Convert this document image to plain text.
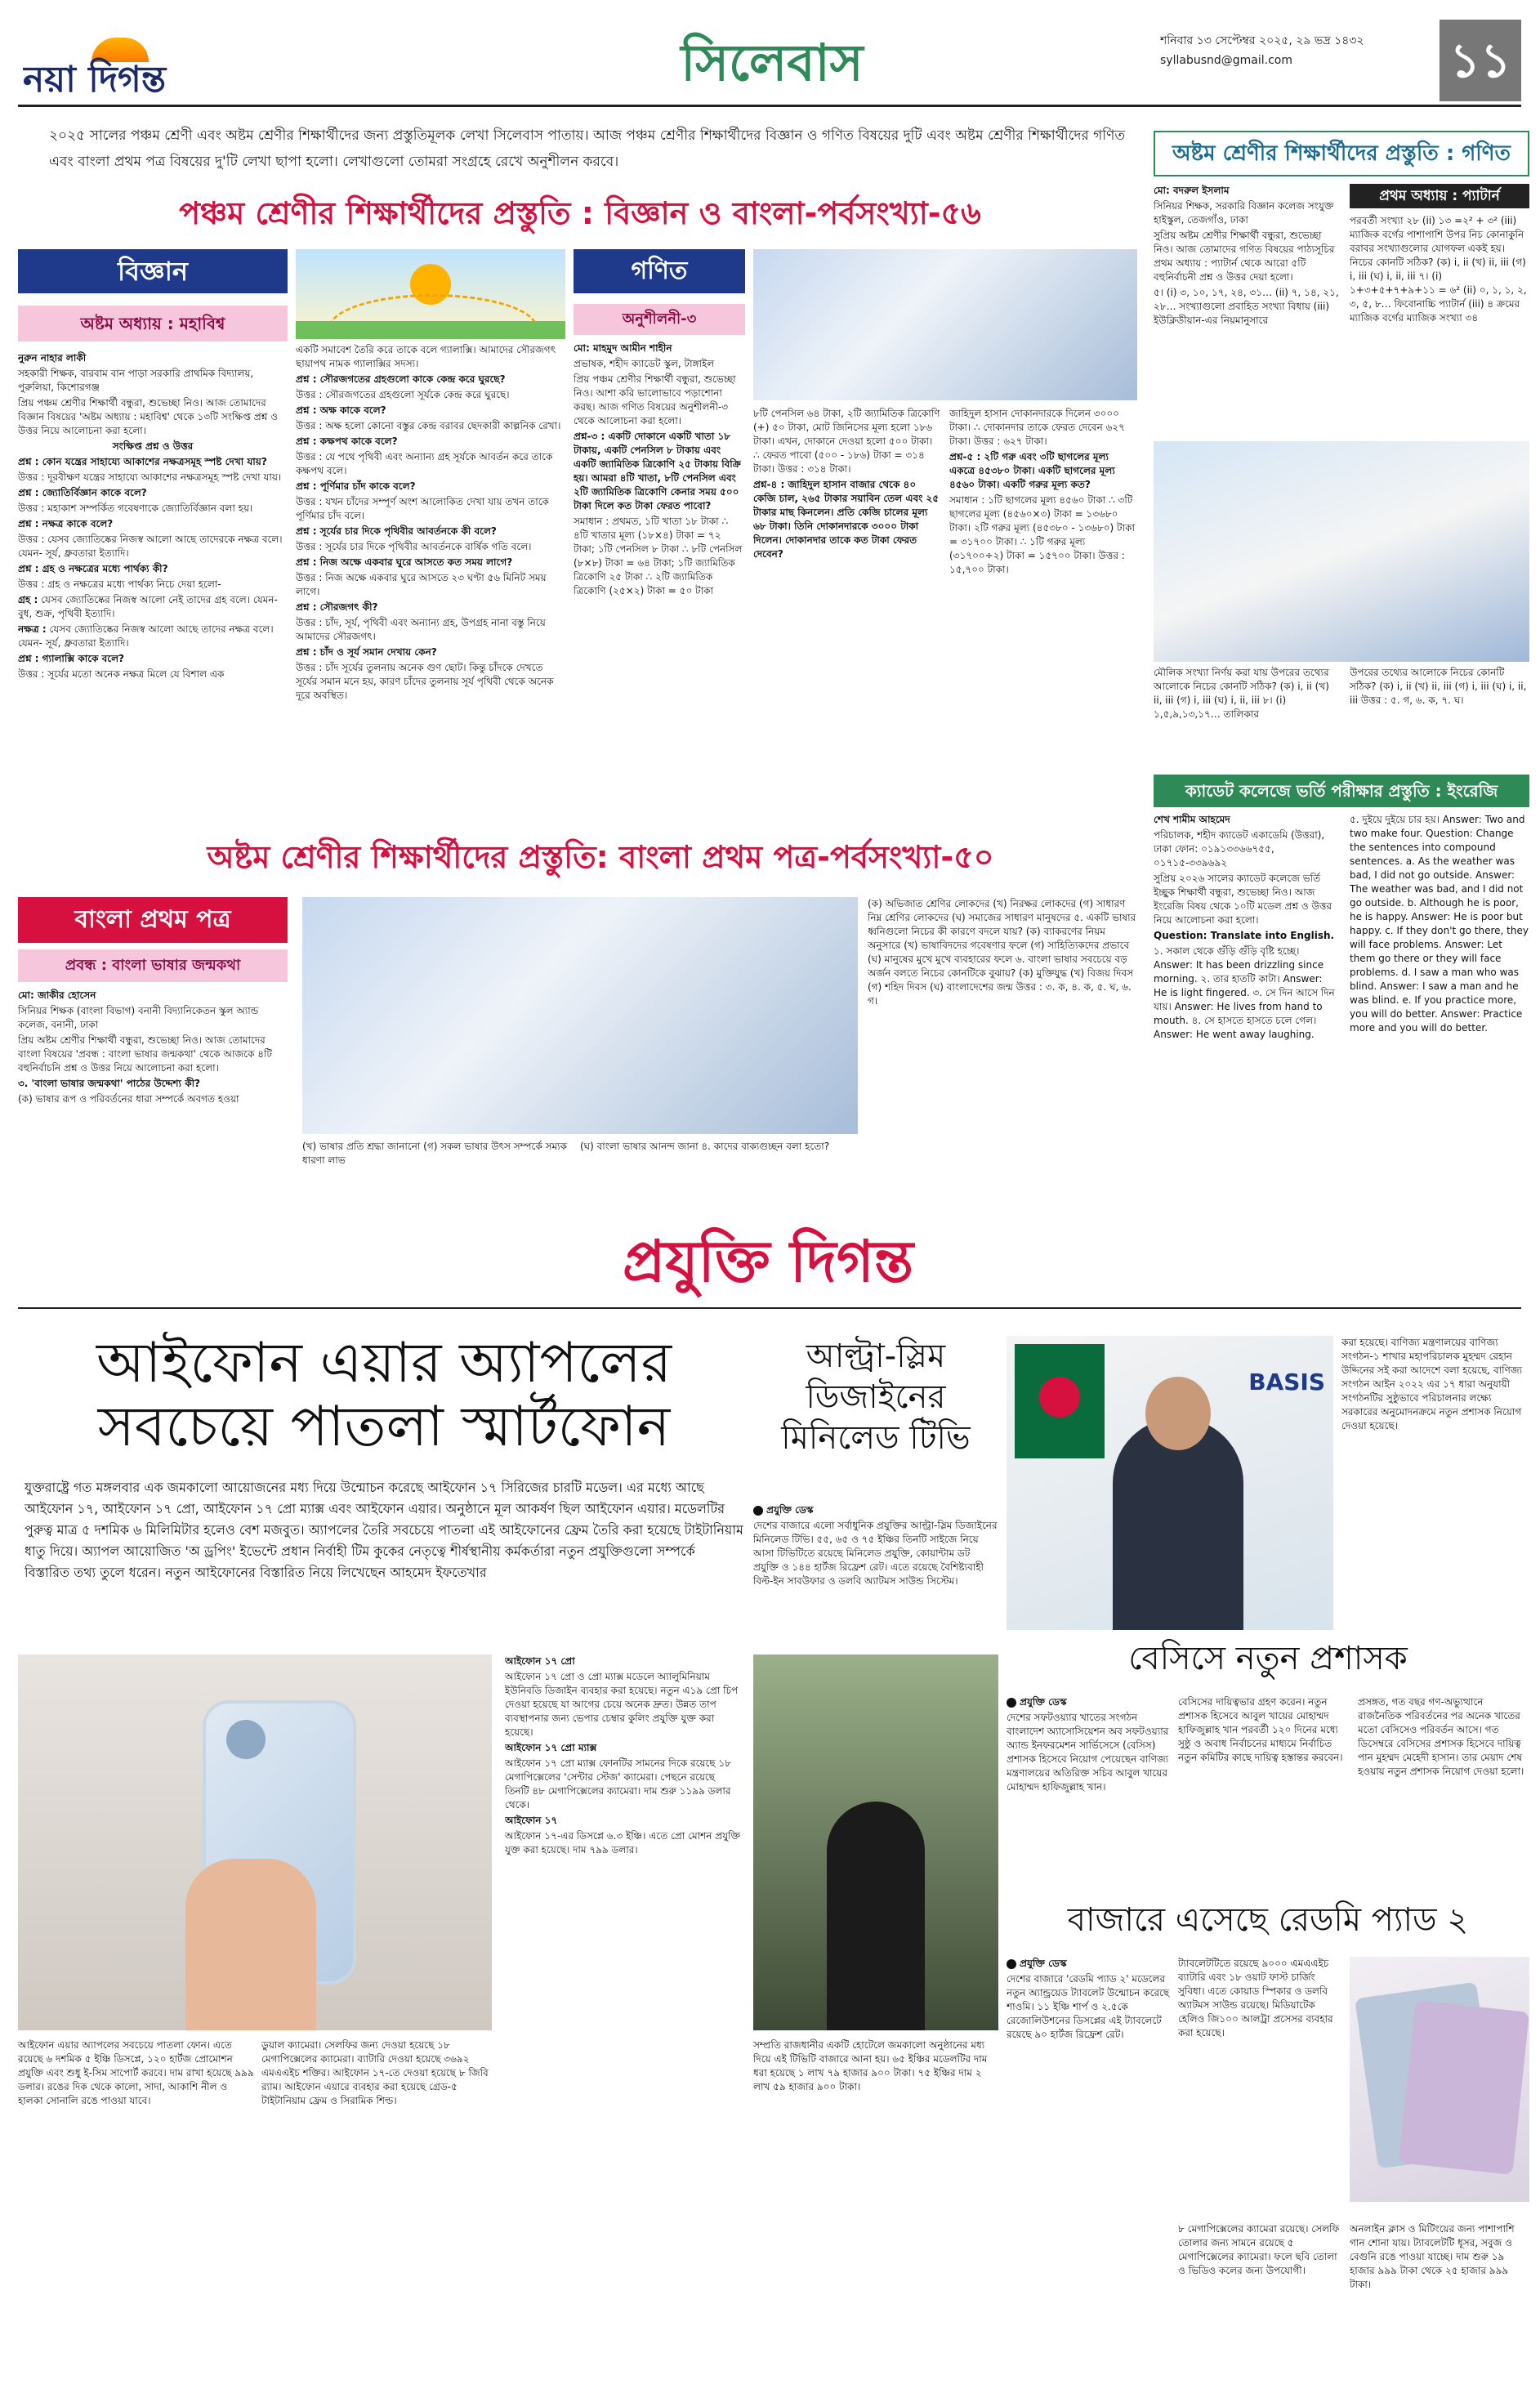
নয়া দিগন্ত	সিলেবাস	শনিবার ১৩ সেপ্টেম্বর ২০২৫, ২৯ ভদ্র ১৪৩২
syllabusnd@gmail.com	১১
২০২৫ সালের পঞ্চম শ্রেণী এবং অষ্টম শ্রেণীর শিক্ষার্থীদের জন্য প্রস্তুতিমূলক লেখা সিলেবাস পাতায়। আজ পঞ্চম শ্রেণীর শিক্ষার্থীদের বিজ্ঞান ও গণিত বিষয়ের দুটি এবং অষ্টম শ্রেণীর শিক্ষার্থীদের গণিত এবং বাংলা প্রথম পত্র বিষয়ের দু'টি লেখা ছাপা হলো। লেখাগুলো তোমরা সংগ্রহে রেখে অনুশীলন করবে।	অষ্টম শ্রেণীর শিক্ষার্থীদের প্রস্তুতি : গণিত
পঞ্চম শ্রেণীর শিক্ষার্থীদের প্রস্তুতি : বিজ্ঞান ও বাংলা-পর্বসংখ্যা-৫৬
বিজ্ঞান
অষ্টম অধ্যায় : মহাবিশ্ব

নুরুন নাহার লাকী

সহকারী শিক্ষক, বারবাম বান পাড়া সরকারি প্রাথমিক বিদ্যালয়, পুরুলিয়া, কিশোরগঞ্জ

প্রিয় পঞ্চম শ্রেণীর শিক্ষার্থী বন্ধুরা, শুভেচ্ছা নিও। আজ তোমাদের বিজ্ঞান বিষয়ের 'অষ্টম অধ্যায় : মহাবিশ্ব' থেকে ১৩টি সংক্ষিপ্ত প্রশ্ন ও উত্তর নিয়ে আলোচনা করা হলো।

সংক্ষিপ্ত প্রশ্ন ও উত্তর

প্রশ্ন : কোন যন্ত্রের সাহায্যে আকাশের নক্ষত্রসমূহ স্পষ্ট দেখা যায়?

উত্তর : দূরবীক্ষণ যন্ত্রের সাহায্যে আকাশের নক্ষত্রসমূহ স্পষ্ট দেখা যায়।

প্রশ্ন : জ্যোতির্বিজ্ঞান কাকে বলে?

উত্তর : মহাকাশ সম্পর্কিত গবেষণাকে জ্যোতির্বিজ্ঞান বলা হয়।

প্রশ্ন : নক্ষত্র কাকে বলে?

উত্তর : যেসব জ্যোতিষ্কের নিজস্ব আলো আছে তাদেরকে নক্ষত্র বলে। যেমন- সূর্য, ধ্রুবতারা ইত্যাদি।

প্রশ্ন : গ্রহ ও নক্ষত্রের মধ্যে পার্থক্য কী?

উত্তর : গ্রহ ও নক্ষত্রের মধ্যে পার্থক্য নিচে দেয়া হলো-

গ্রহ : যেসব জ্যোতিষ্কের নিজস্ব আলো নেই তাদের গ্রহ বলে। যেমন- বুধ, শুক্র, পৃথিবী ইত্যাদি।

নক্ষত্র : যেসব জ্যোতিষ্কের নিজস্ব আলো আছে তাদের নক্ষত্র বলে। যেমন- সূর্য, ধ্রুবতারা ইত্যাদি।

প্রশ্ন : গ্যালাক্সি কাকে বলে?

উত্তর : সূর্যের মতো অনেক নক্ষত্র মিলে যে বিশাল এক

একটি সমাবেশ তৈরি করে তাকে বলে গ্যালাক্সি। আমাদের সৌরজগৎ ছায়াপথ নামক গ্যালাক্সির সদস্য।

প্রশ্ন : সৌরজগতের গ্রহগুলো কাকে কেন্দ্র করে ঘুরছে?

উত্তর : সৌরজগতের গ্রহগুলো সূর্যকে কেন্দ্র করে ঘুরছে।

প্রশ্ন : অক্ষ কাকে বলে?

উত্তর : অক্ষ হলো কোনো বস্তুর কেন্দ্র বরাবর ছেদকারী কাল্পনিক রেখা।

প্রশ্ন : কক্ষপথ কাকে বলে?

উত্তর : যে পথে পৃথিবী এবং অন্যান্য গ্রহ সূর্যকে আবর্তন করে তাকে কক্ষপথ বলে।

প্রশ্ন : পূর্ণিমার চাঁদ কাকে বলে?

উত্তর : যখন চাঁদের সম্পূর্ণ অংশ আলোকিত দেখা যায় তখন তাকে পূর্ণিমার চাঁদ বলে।

প্রশ্ন : সূর্যের চার দিকে পৃথিবীর আবর্তনকে কী বলে?

উত্তর : সূর্যের চার দিকে পৃথিবীর আবর্তনকে বার্ষিক গতি বলে।

প্রশ্ন : নিজ অক্ষে একবার ঘুরে আসতে কত সময় লাগে?

উত্তর : নিজ অক্ষে একবার ঘুরে আসতে ২৩ ঘণ্টা ৫৬ মিনিট সময় লাগে।

প্রশ্ন : সৌরজগৎ কী?

উত্তর : চাঁদ, সূর্য, পৃথিবী এবং অন্যান্য গ্রহ, উপগ্রহ নানা বস্তু নিয়ে আমাদের সৌরজগৎ।

প্রশ্ন : চাঁদ ও সূর্য সমান দেখায় কেন?

উত্তর : চাঁদ সূর্যের তুলনায় অনেক গুণ ছোট। কিন্তু চাঁদকে দেখতে সূর্যের সমান মনে হয়, কারণ চাঁদের তুলনায় সূর্য পৃথিবী থেকে অনেক দূরে অবস্থিত।

গণিত
অনুশীলনী-৩

মো: মাহমুদ আমীন শাহীন

প্রভাষক, শহীদ ক্যাডেট স্কুল, টাঙ্গাইল

প্রিয় পঞ্চম শ্রেণীর শিক্ষার্থী বন্ধুরা, শুভেচ্ছা নিও। আশা করি ভালোভাবে পড়াশোনা করছ। আজ গণিত বিষয়ের অনুশীলনী-৩ থেকে আলোচনা করা হলো।

প্রশ্ন-৩ : একটি দোকানে একটি খাতা ১৮ টাকায়, একটি পেনসিল ৮ টাকায় এবং একটি জ্যামিতিক ত্রিকোণি ২৫ টাকায় বিক্রি হয়। আমরা ৪টি খাতা, ৮টি পেনসিল এবং ২টি জ্যামিতিক ত্রিকোণি কেনার সময় ৫০০ টাকা দিলে কত টাকা ফেরত পাবো?

সমাধান : প্রথমত, ১টি খাতা ১৮ টাকা ∴ ৪টি খাতার মূল্য (১৮×৪) টাকা = ৭২ টাকা; ১টি পেনসিল ৮ টাকা ∴ ৮টি পেনসিল (৮×৮) টাকা = ৬৪ টাকা; ১টি জ্যামিতিক ত্রিকোণি ২৫ টাকা ∴ ২টি জ্যামিতিক ত্রিকোণি (২৫×২) টাকা = ৫০ টাকা

৮টি পেনসিল ৬৪ টাকা, ২টি জ্যামিতিক ত্রিকোণি (+) ৫০ টাকা, মোট জিনিসের মূল্য হলো ১৮৬ টাকা। এখন, দোকানে দেওয়া হলো ৫০০ টাকা। ∴ ফেরত পাবো (৫০০ - ১৮৬) টাকা = ৩১৪ টাকা। উত্তর : ৩১৪ টাকা।

প্রশ্ন-৪ : জাহিদুল হাসান বাজার থেকে ৪০ কেজি চাল, ২৬৫ টাকার সয়াবিন তেল এবং ২৫ টাকার মাছ কিনলেন। প্রতি কেজি চালের মূল্য ৬৮ টাকা। তিনি দোকানদারকে ৩০০০ টাকা দিলেন। দোকানদার তাকে কত টাকা ফেরত দেবেন?

জাহিদুল হাসান দোকানদারকে দিলেন ৩০০০ টাকা। ∴ দোকানদার তাকে ফেরত দেবেন ৬২৭ টাকা। উত্তর : ৬২৭ টাকা।

প্রশ্ন-৫ : ২টি গরু এবং ৩টি ছাগলের মূল্য একত্রে ৪৫৩৮০ টাকা। একটি ছাগলের মূল্য ৪৫৬০ টাকা। একটি গরুর মূল্য কত?

সমাধান : ১টি ছাগলের মূল্য ৪৫৬০ টাকা ∴ ৩টি ছাগলের মূল্য (৪৫৬০×৩) টাকা = ১৩৬৮০ টাকা। ২টি গরুর মূল্য (৪৫৩৮০ - ১৩৬৮০) টাকা = ৩১৭০০ টাকা। ∴ ১টি গরুর মূল্য (৩১৭০০÷২) টাকা = ১৫৭০০ টাকা। উত্তর : ১৫,৭০০ টাকা।

মো: বদরুল ইসলাম

সিনিয়র শিক্ষক, সরকারি বিজ্ঞান কলেজ সংযুক্ত হাইস্কুল, তেজগাঁও, ঢাকা

সুপ্রিয় অষ্টম শ্রেণীর শিক্ষার্থী বন্ধুরা, শুভেচ্ছা নিও। আজ তোমাদের গণিত বিষয়ের পাঠ্যসূচির প্রথম অধ্যায় : প্যাটার্ন থেকে আরো ৫টি বহুনির্বাচনী প্রশ্ন ও উত্তর দেয়া হলো।

৫। (i) ৩, ১০, ১৭, ২৪, ৩১… (ii) ৭, ১৪, ২১, ২৮… সংখ্যাগুলো প্রবাহিত সংখ্যা বিধায় (iii) ইউক্লিডীয়ান-এর নিয়মানুসারে

প্রথম অধ্যায় : প্যাটার্ন
পরবর্তী সংখ্যা ২৮ (ii) ১৩ =২² + ৩² (iii) ম্যাজিক বর্গের পাশাপাশি উপর নিচ কোনাকুনি বরাবর সংখ্যাগুলোর যোগফল একই হয়। নিচের কোনটি সঠিক? (ক) i, ii (খ) ii, iii (গ) i, iii (ঘ) i, ii, iii ৭। (i) ১+৩+৫+৭+৯+১১ = ৬² (ii) ০, ১, ১, ২, ৩, ৫, ৮… ফিবোনাচ্চি প্যাটার্ন (iii) ৪ ক্রমের ম্যাজিক বর্গের ম্যাজিক সংখ্যা ৩৪
মৌলিক সংখ্যা নির্ণয় করা যায় উপরের তথ্যের আলোকে নিচের কোনটি সঠিক? (ক) i, ii (খ) ii, iii (গ) i, iii (ঘ) i, ii, iii ৮। (i) ১,৫,৯,১৩,১৭… তালিকার
উপরের তথ্যের আলোকে নিচের কোনটি সঠিক? (ক) i, ii (খ) ii, iii (গ) i, iii (ঘ) i, ii, iii উত্তর : ৫. গ, ৬. ক, ৭. ঘ।
ক্যাডেট কলেজে ভর্তি পরীক্ষার প্রস্তুতি : ইংরেজি

শেখ শামীম আহমেদ

পরিচালক, শহীদ ক্যাডেট একাডেমি (উত্তরা), ঢাকা ফোন: ০১৯১৩৩৬৬৭৫৫, ০১৭১৫-৩৩৯৬৯২

সুপ্রিয় ২০২৬ সালের ক্যাডেট কলেজে ভর্তি ইচ্ছুক শিক্ষার্থী বন্ধুরা, শুভেচ্ছা নিও। আজ ইংরেজি বিষয় থেকে ১০টি মডেল প্রশ্ন ও উত্তর নিয়ে আলোচনা করা হলো।

Question: Translate into English.

১. সকাল থেকে গুঁড়ি গুঁড়ি বৃষ্টি হচ্ছে। Answer: It has been drizzling since morning. ২. তার হাতটি কাটা। Answer: He is light fingered. ৩. সে দিন আসে দিন যায়। Answer: He lives from hand to mouth. ৪. সে হাসতে হাসতে চলে গেল। Answer: He went away laughing.

৫. দুইয়ে দুইয়ে চার হয়। Answer: Two and two make four. Question: Change the sentences into compound sentences. a. As the weather was bad, I did not go outside. Answer: The weather was bad, and I did not go outside. b. Although he is poor, he is happy. Answer: He is poor but happy. c. If they don't go there, they will face problems. Answer: Let them go there or they will face problems. d. I saw a man who was blind. Answer: I saw a man and he was blind. e. If you practice more, you will do better. Answer: Practice more and you will do better.
অষ্টম শ্রেণীর শিক্ষার্থীদের প্রস্তুতি: বাংলা প্রথম পত্র-পর্বসংখ্যা-৫০
বাংলা প্রথম পত্র
প্রবন্ধ : বাংলা ভাষার জন্মকথা

মো: জাকীর হোসেন

সিনিয়র শিক্ষক (বাংলা বিভাগ) বনানী বিদ্যানিকেতন স্কুল অ্যান্ড কলেজ, বনানী, ঢাকা

প্রিয় অষ্টম শ্রেণীর শিক্ষার্থী বন্ধুরা, শুভেচ্ছা নিও। আজ তোমাদের বাংলা বিষয়ের 'প্রবন্ধ : বাংলা ভাষার জন্মকথা' থেকে আজকে ৪টি বহুনির্বাচনি প্রশ্ন ও উত্তর নিয়ে আলোচনা করা হলো।

৩. 'বাংলা ভাষার জন্মকথা' পাঠের উদ্দেশ্য কী?

(ক) ভাষার রূপ ও পরিবর্তনের ধারা সম্পর্কে অবগত হওয়া

(খ) ভাষার প্রতি শ্রদ্ধা জানানো (গ) সকল ভাষার উৎস সম্পর্কে সম্যক ধারণা লাভ
(ঘ) বাংলা ভাষার আনন্দ জানা ৪. কাদের বাক্যগুচ্ছন বলা হতো?
(ক) অভিজাত শ্রেণির লোকদের (খ) নিরক্ষর লোকদের (গ) সাধারণ নিম্ন শ্রেণির লোকদের (ঘ) সমাজের সাধারণ মানুষদের ৫. একটি ভাষার ধ্বনিগুলো নিচের কী কারণে বদলে যায়? (ক) ব্যাকরণের নিয়ম অনুসারে (খ) ভাষাবিদদের গবেষণার ফলে (গ) সাহিত্যিকদের প্রভাবে (ঘ) মানুষের মুখে মুখে ব্যবহারের ফলে ৬. বাংলা ভাষার সবচেয়ে বড় অর্জন বলতে নিচের কোনটিকে বুঝায়? (ক) মুক্তিযুদ্ধ (খ) বিজয় দিবস (গ) শহিদ দিবস (ঘ) বাংলাদেশের জন্ম উত্তর : ৩. ক, ৪. ক, ৫. ঘ, ৬. গ।
প্রযুক্তি দিগন্ত
আইফোন এয়ার অ্যাপলের সবচেয়ে পাতলা স্মার্টফোন
যুক্তরাষ্ট্রে গত মঙ্গলবার এক জমকালো আয়োজনের মধ্য দিয়ে উন্মোচন করেছে আইফোন ১৭ সিরিজের চারটি মডেল। এর মধ্যে আছে আইফোন ১৭, আইফোন ১৭ প্রো, আইফোন ১৭ প্রো ম্যাক্স এবং আইফোন এয়ার। অনুষ্ঠানে মূল আকর্ষণ ছিল আইফোন এয়ার। মডেলটির পুরুত্ব মাত্র ৫ দশমিক ৬ মিলিমিটার হলেও বেশ মজবুত। অ্যাপলের তৈরি সবচেয়ে পাতলা এই আইফোনের ফ্রেম তৈরি করা হয়েছে টাইটানিয়াম ধাতু দিয়ে। অ্যাপল আয়োজিত 'অ ড্রপিং' ইভেন্টে প্রধান নির্বাহী টিম কুকের নেতৃত্বে শীর্ষস্থানীয় কর্মকর্তারা নতুন প্রযুক্তিগুলো সম্পর্কে বিস্তারিত তথ্য তুলে ধরেন। নতুন আইফোনের বিস্তারিত নিয়ে লিখেছেন আহমেদ ইফতেখার
আইফোন এয়ার অ্যাপলের সবচেয়ে পাতলা ফোন। এতে রয়েছে ৬ দশমিক ৫ ইঞ্চি ডিসপ্লে, ১২০ হার্টজ প্রোমোশন প্রযুক্তি এবং শুধু ই-সিম সাপোর্ট করবে। দাম রাখা হয়েছে ৯৯৯ ডলার। রঙের দিক থেকে কালো, সাদা, আকাশি নীল ও হালকা সোনালি রঙে পাওয়া যাবে।
ডুয়াল ক্যামেরা। সেলফির জন্য দেওয়া হয়েছে ১৮ মেগাপিক্সেলের ক্যামেরা। ব্যাটারি দেওয়া হয়েছে ৩৬৯২ এমএএইচ শক্তির। আইফোন ১৭-তে দেওয়া হয়েছে ৮ জিবি র‌্যাম। আইফোন এয়ারে ব্যবহার করা হয়েছে গ্রেড-৫ টাইটানিয়াম ফ্রেম ও সিরামিক শিল্ড।

আইফোন ১৭ প্রো

আইফোন ১৭ প্রো ও প্রো ম্যাক্স মডেলে অ্যালুমিনিয়াম ইউনিবডি ডিজাইন ব্যবহার করা হয়েছে। নতুন এ১৯ প্রো চিপ দেওয়া হয়েছে যা আগের চেয়ে অনেক দ্রুত। উন্নত তাপ ব্যবস্থাপনার জন্য ভেপার চেম্বার কুলিং প্রযুক্তি যুক্ত করা হয়েছে।

আইফোন ১৭ প্রো ম্যাক্স

আইফোন ১৭ প্রো ম্যাক্স ফোনটির সামনের দিকে রয়েছে ১৮ মেগাপিক্সেলের 'সেন্টার স্টেজ' ক্যামেরা। পেছনে রয়েছে তিনটি ৪৮ মেগাপিক্সেলের ক্যামেরা। দাম শুরু ১১৯৯ ডলার থেকে।

আইফোন ১৭

আইফোন ১৭-এর ডিসপ্লে ৬.৩ ইঞ্চি। এতে প্রো মোশন প্রযুক্তি যুক্ত করা হয়েছে। দাম ৭৯৯ ডলার।

আল্ট্রা-স্লিম ডিজাইনের মিনিলেড টিভি

প্রযুক্তি ডেস্ক

দেশের বাজারে এলো সর্বাধুনিক প্রযুক্তির আল্ট্রা-স্লিম ডিজাইনের মিনিলেড টিভি। ৫৫, ৬৫ ও ৭৫ ইঞ্চির তিনটি সাইজে নিয়ে আসা টিভিটিতে রয়েছে মিনিলেড প্রযুক্তি, কোয়ান্টাম ডট প্রযুক্তি ও ১৪৪ হার্টজ রিফ্রেশ রেট। এতে রয়েছে বৈশিষ্ট্যবাহী বিল্ট-ইন সাবউফার ও ডলবি অ্যাটমস সাউন্ড সিস্টেম।

সম্প্রতি রাজধানীর একটি হোটেলে জমকালো অনুষ্ঠানের মধ্য দিয়ে এই টিভিটি বাজারে আনা হয়। ৬৫ ইঞ্চির মডেলটির দাম ধরা হয়েছে ১ লাখ ৭৯ হাজার ৯০০ টাকা। ৭৫ ইঞ্চির দাম ২ লাখ ৫৯ হাজার ৯০০ টাকা।
BASIS
করা হয়েছে। বাণিজ্য মন্ত্রণালয়ের বাণিজ্য সংগঠন-১ শাখার মহাপরিচালক মুহম্মদ রেহান উদ্দিনের সই করা আদেশে বলা হয়েছে, বাণিজ্য সংগঠন আইন ২০২২ এর ১৭ ধারা অনুযায়ী সংগঠনটির সুষ্ঠুভাবে পরিচালনার লক্ষ্যে সরকারের অনুমোদনক্রমে নতুন প্রশাসক নিয়োগ দেওয়া হয়েছে।
বেসিসে নতুন প্রশাসক

প্রযুক্তি ডেস্ক

দেশের সফটওয়্যার খাতের সংগঠন বাংলাদেশ অ্যাসোসিয়েশন অব সফটওয়্যার অ্যান্ড ইনফরমেশন সার্ভিসেসে (বেসিস) প্রশাসক হিসেবে নিয়োগ পেয়েছেন বাণিজ্য মন্ত্রণালয়ের অতিরিক্ত সচিব আবুল খায়ের মোহাম্মদ হাফিজুল্লাহ খান।

বেসিসের দায়িত্বভার গ্রহণ করেন। নতুন প্রশাসক হিসেবে আবুল খায়ের মোহাম্মদ হাফিজুল্লাহ খান পরবর্তী ১২০ দিনের মধ্যে সুষ্ঠু ও অবাধ নির্বাচনের মাধ্যমে নির্বাচিত নতুন কমিটির কাছে দায়িত্ব হস্তান্তর করবেন।
প্রসঙ্গত, গত বছর গণ-অভ্যুত্থানে রাজনৈতিক পরিবর্তনের পর অনেক খাতের মতো বেসিসেও পরিবর্তন আসে। গত ডিসেম্বরে বেসিসের প্রশাসক হিসেবে দায়িত্ব পান মুহম্মদ মেহেদী হাসান। তার মেয়াদ শেষ হওয়ায় নতুন প্রশাসক নিয়োগ দেওয়া হলো।
বাজারে এসেছে রেডমি প্যাড ২

প্রযুক্তি ডেস্ক

দেশের বাজারে 'রেডমি প্যাড ২' মডেলের নতুন অ্যান্ড্রয়েড ট্যাবলেট উন্মোচন করেছে শাওমি। ১১ ইঞ্চি শার্প ও ২.৫কে রেজোলিউশনের ডিসপ্লের এই ট্যাবলেটে রয়েছে ৯০ হার্টজ রিফ্রেশ রেট।

ট্যাবলেটটিতে রয়েছে ৯০০০ এমএএইচ ব্যাটারি এবং ১৮ ওয়াট ফাস্ট চার্জিং সুবিধা। এতে কোয়াড স্পিকার ও ডলবি অ্যাটমস সাউন্ড রয়েছে। মিডিয়াটেক হেলিও জি১০০ আলট্রা প্রসেসর ব্যবহার করা হয়েছে।
৮ মেগাপিক্সেলের ক্যামেরা রয়েছে। সেলফি তোলার জন্য সামনে রয়েছে ৫ মেগাপিক্সেলের ক্যামেরা। ফলে ছবি তোলা ও ভিডিও কলের জন্য উপযোগী।
অনলাইন ক্লাস ও মিটিংয়ের জন্য পাশাপাশি গান শোনা যায়। ট্যাবলেটটি ধূসর, সবুজ ও বেগুনি রঙে পাওয়া যাচ্ছে। দাম শুরু ১৯ হাজার ৯৯৯ টাকা থেকে ২৫ হাজার ৯৯৯ টাকা।
